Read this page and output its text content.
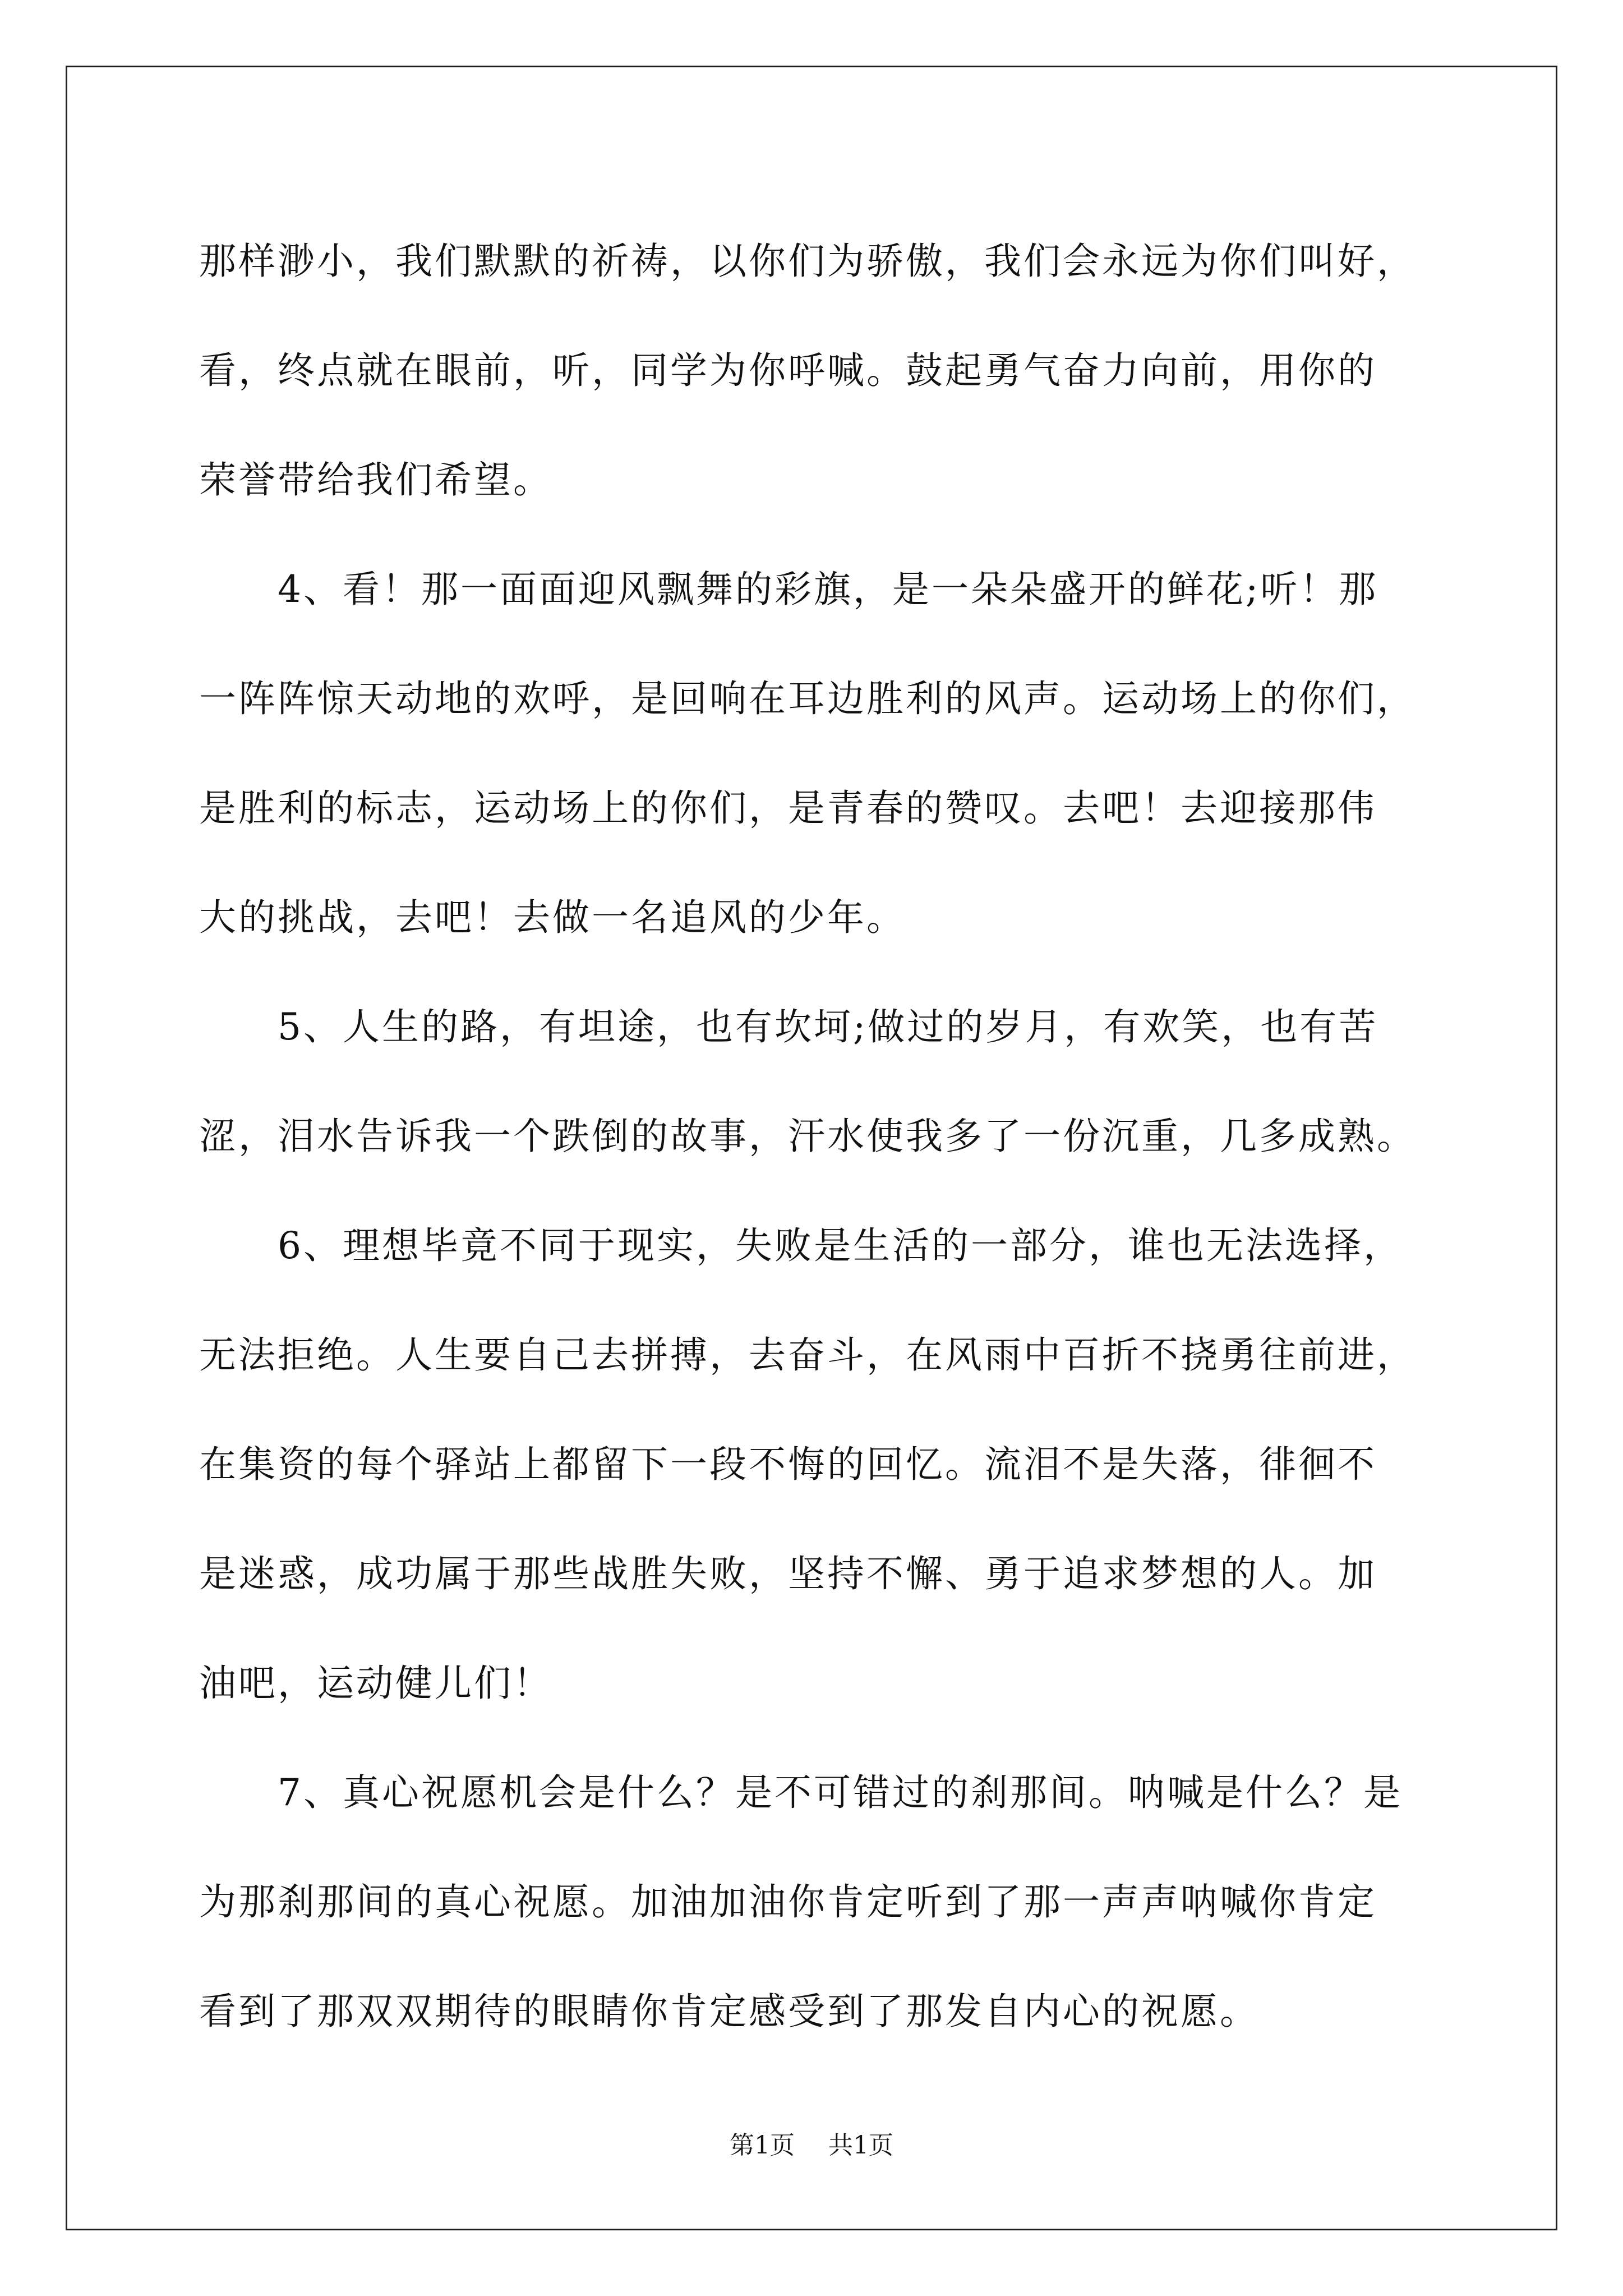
那样渺小，我们默默的祈祷，以你们为骄傲，我们会永远为你们叫好，
看，终点就在眼前，听，同学为你呼喊。鼓起勇气奋力向前，用你的
荣誉带给我们希望。
　　4、看！那一面面迎风飘舞的彩旗，是一朵朵盛开的鲜花;听！那
一阵阵惊天动地的欢呼，是回响在耳边胜利的风声。运动场上的你们，
是胜利的标志，运动场上的你们，是青春的赞叹。去吧！去迎接那伟
大的挑战，去吧！去做一名追风的少年。
　　5、人生的路，有坦途，也有坎坷;做过的岁月，有欢笑，也有苦
涩，泪水告诉我一个跌倒的故事，汗水使我多了一份沉重，几多成熟。
　　6、理想毕竟不同于现实，失败是生活的一部分，谁也无法选择，
无法拒绝。人生要自己去拼搏，去奋斗，在风雨中百折不挠勇往前进，
在集资的每个驿站上都留下一段不悔的回忆。流泪不是失落，徘徊不
是迷惑，成功属于那些战胜失败，坚持不懈、勇于追求梦想的人。加
油吧，运动健儿们！
　　7、真心祝愿机会是什么？是不可错过的刹那间。呐喊是什么？是
为那刹那间的真心祝愿。加油加油你肯定听到了那一声声呐喊你肯定
看到了那双双期待的眼睛你肯定感受到了那发自内心的祝愿。
第1页 共1页
